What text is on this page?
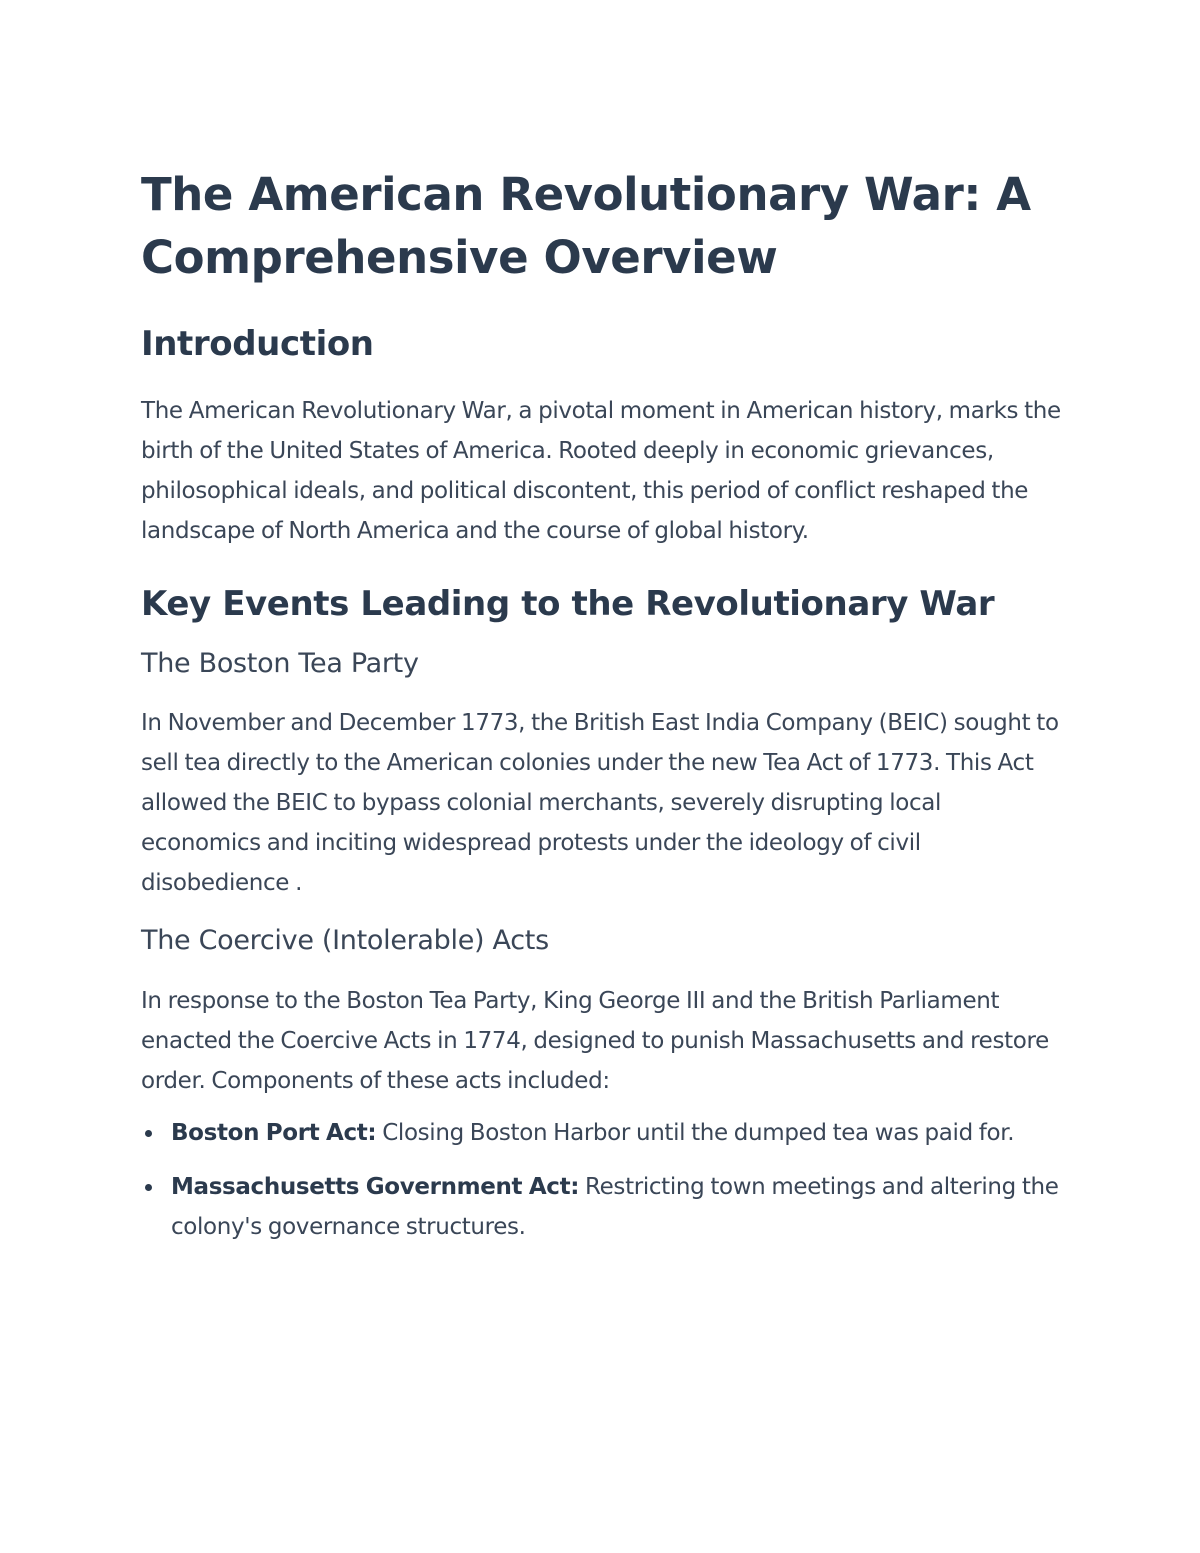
The American Revolutionary War: A Comprehensive Overview
Introduction

The American Revolutionary War, a pivotal moment in American history, marks the birth of the United States of America. Rooted deeply in economic grievances, philosophical ideals, and political discontent, this period of conflict reshaped the landscape of North America and the course of global history.

Key Events Leading to the Revolutionary War
The Boston Tea Party

In November and December 1773, the British East India Company (BEIC) sought to sell tea directly to the American colonies under the new Tea Act of 1773. This Act allowed the BEIC to bypass colonial merchants, severely disrupting local economics and inciting widespread protests under the ideology of civil disobedience .

The Coercive (Intolerable) Acts

In response to the Boston Tea Party, King George III and the British Parliament enacted the Coercive Acts in 1774, designed to punish Massachusetts and restore order. Components of these acts included:

Boston Port Act: Closing Boston Harbor until the dumped tea was paid for.
Massachusetts Government Act: Restricting town meetings and altering the colony's governance structures.
